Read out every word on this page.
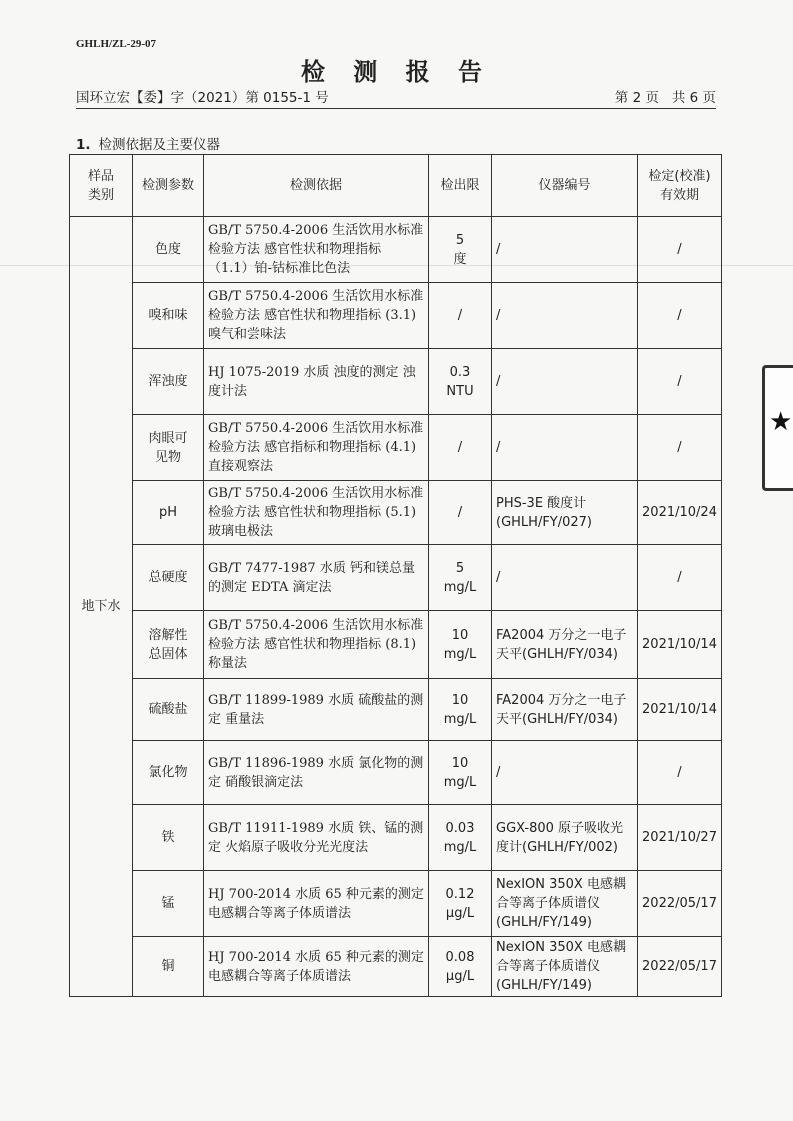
GHLH/ZL-29-07
检 测 报 告
国环立宏【委】字（2021）第 0155-1 号	第 2 页   共 6 页
1. 检测依据及主要仪器
样品
类别	检测参数	检测依据	检出限	仪器编号	检定(校准)
有效期
地下水	色度	GB/T 5750.4-2006 生活饮用水标准检验方法 感官性状和物理指标 （1.1）铂-钴标准比色法	5
度	/	/
	嗅和味	GB/T 5750.4-2006 生活饮用水标准检验方法 感官性状和物理指标 (3.1) 嗅气和尝味法	/	/	/
	浑浊度	HJ 1075-2019 水质 浊度的测定 浊度计法	0.3
NTU	/	/
	肉眼可
见物	GB/T 5750.4-2006 生活饮用水标准检验方法 感官指标和物理指标 (4.1)直接观察法	/	/	/
	pH	GB/T 5750.4-2006 生活饮用水标准检验方法 感官性状和物理指标 (5.1)玻璃电极法	/	PHS-3E 酸度计
(GHLH/FY/027)	2021/10/24
	总硬度	GB/T 7477-1987 水质 钙和镁总量的测定 EDTA 滴定法	5
mg/L	/	/
	溶解性
总固体	GB/T 5750.4-2006 生活饮用水标准检验方法 感官性状和物理指标 (8.1)称量法	10
mg/L	FA2004 万分之一电子天平(GHLH/FY/034)	2021/10/14
	硫酸盐	GB/T 11899-1989 水质 硫酸盐的测定 重量法	10
mg/L	FA2004 万分之一电子天平(GHLH/FY/034)	2021/10/14
	氯化物	GB/T 11896-1989 水质 氯化物的测定 硝酸银滴定法	10
mg/L	/	/
	铁	GB/T 11911-1989 水质 铁、锰的测定 火焰原子吸收分光光度法	0.03
mg/L	GGX-800 原子吸收光度计(GHLH/FY/002)	2021/10/27
	锰	HJ 700-2014 水质 65 种元素的测定 电感耦合等离子体质谱法	0.12
μg/L	NexION 350X 电感耦合等离子体质谱仪
(GHLH/FY/149)	2022/05/17
	铜	HJ 700-2014 水质 65 种元素的测定 电感耦合等离子体质谱法	0.08
μg/L	NexION 350X 电感耦合等离子体质谱仪
(GHLH/FY/149)	2022/05/17
★
